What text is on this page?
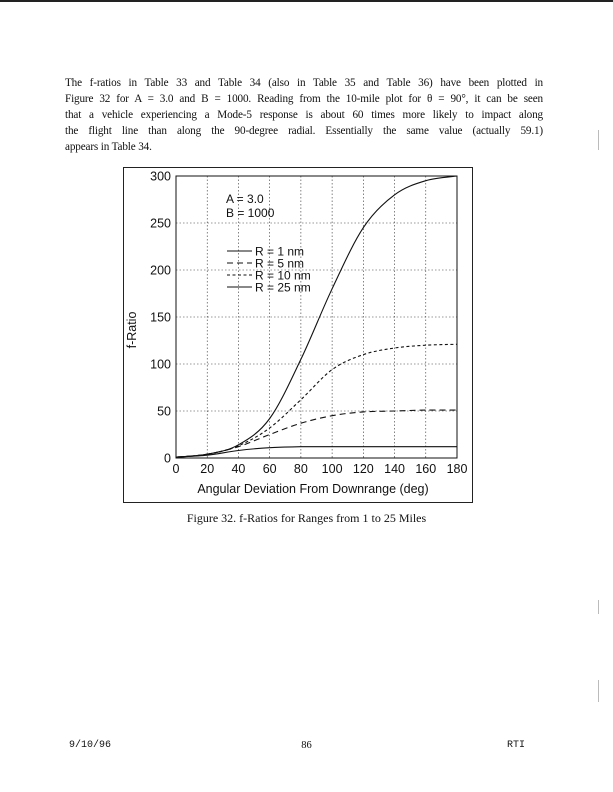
The f-ratios in Table 33 and Table 34 (also in Table 35 and Table 36) have been plotted in
Figure 32 for A = 3.0 and B = 1000. Reading from the 10-mile plot for θ = 90°, it can be seen
that a vehicle experiencing a Mode-5 response is about 60 times more likely to impact along
the flight line than along the 90-degree radial. Essentially the same value (actually 59.1)
appears in Table 34.
0 20 40 60 80 100 120 140 160 180
0
50
100
150
200
250
300
A = 3.0
B = 1000
R = 1 nm
R = 5 nm
R = 10 nm
R = 25 nm
Angular Deviation From Downrange (deg)
f-Ratio
Figure 32. f-Ratios for Ranges from 1 to 25 Miles
9/10/96	86	RTI
